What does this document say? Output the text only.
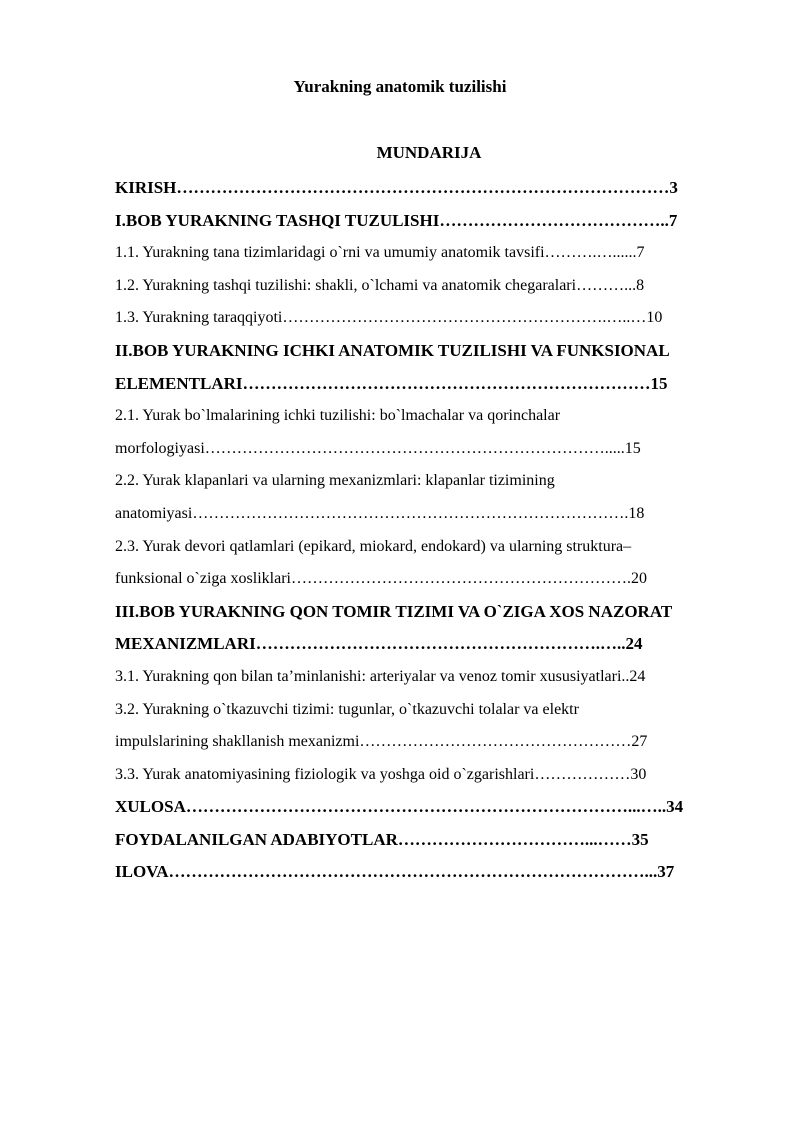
Yurakning anatomik tuzilishi
MUNDARIJA
KIRISH……………………………………………………………………………3
I.BOB YURAKNING TASHQI TUZULISHI…………………………………..7
1.1. Yurakning tana tizimlaridagi o`rni va umumiy anatomik tavsifi……….…......7
1.2. Yurakning tashqi tuzilishi: shakli, o`lchami va anatomik chegaralari………...8
1.3. Yurakning taraqqiyoti…………………………………………………….…..…10
II.BOB YURAKNING ICHKI ANATOMIK TUZILISHI VA FUNKSIONAL
ELEMENTLARI………………………………………………………………15
2.1. Yurak bo`lmalarining ichki tuzilishi: bo`lmachalar va qorinchalar
morfologiyasi………………………………………………………………….....15
2.2. Yurak klapanlari va ularning mexanizmlari: klapanlar tizimining
anatomiyasi……………………………………………………………………….18
2.3. Yurak devori qatlamlari (epikard, miokard, endokard) va ularning struktura–
funksional o`ziga xosliklari……………………………………………………….20
III.BOB YURAKNING QON TOMIR TIZIMI VA O`ZIGA XOS NAZORAT
MEXANIZMLARI…………………………………………………….…..24
3.1. Yurakning qon bilan ta’minlanishi: arteriyalar va venoz tomir xususiyatlari..24
3.2. Yurakning o`tkazuvchi tizimi: tugunlar, o`tkazuvchi tolalar va elektr
impulslarining shakllanish mexanizmi……………………………………………27
3.3. Yurak anatomiyasining fiziologik va yoshga oid o`zgarishlari………………30
XULOSA……………………………………………………………………...…..34
FOYDALANILGAN ADABIYOTLAR……………………………...……35
ILOVA…………………………………………………………………………...37
